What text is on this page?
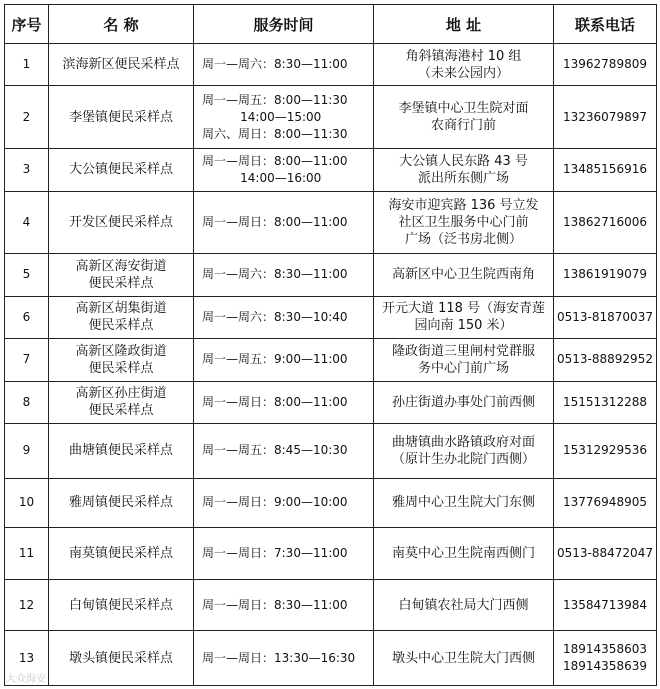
序号	名 称	服务时间	地 址	联系电话
1	滨海新区便民采样点	周一—周六：8:30—11:00	角斜镇海港村 10 组
（未来公园内）	13962789809

2	李堡镇便民采样点	周一—周五：8:00—11:30
14:00—15:00
周六、周日：8:00—11:30	李堡镇中心卫生院对面
农商行门前	13236079897

3	大公镇便民采样点	周一—周日：8:00—11:00
14:00—16:00	大公镇人民东路 43 号
派出所东侧广场	13485156916

4	开发区便民采样点	周一—周日：8:00—11:00	海安市迎宾路 136 号立发
社区卫生服务中心门前
广场（泛书房北侧）	13862716006

5	高新区海安街道
便民采样点	周一—周六：8:30—11:00	高新区中心卫生院西南角	13861919079

6	高新区胡集街道
便民采样点	周一—周六：8:30—10:40	开元大道 118 号（海安青莲
园向南 150 米）	0513-81870037

7	高新区隆政街道
便民采样点	周一—周五：9:00—11:00	隆政街道三里闸村党群服
务中心门前广场	0513-88892952

8	高新区孙庄街道
便民采样点	周一—周日：8:00—11:00	孙庄街道办事处门前西侧	15151312288

9	曲塘镇便民采样点	周一—周五：8:45—10:30	曲塘镇曲水路镇政府对面
（原计生办北院门西侧）	15312929536

10	雅周镇便民采样点	周一—周日：9:00—10:00	雅周中心卫生院大门东侧	13776948905

11	南莫镇便民采样点	周一—周日：7:30—11:00	南莫中心卫生院南西侧门	0513-88472047

12	白甸镇便民采样点	周一—周日：8:30—11:00	白甸镇农社局大门西侧	13584713984

13	墩头镇便民采样点	周一—周日：13:30—16:30	墩头中心卫生院大门西侧	18914358603
18914358639
大众海安
